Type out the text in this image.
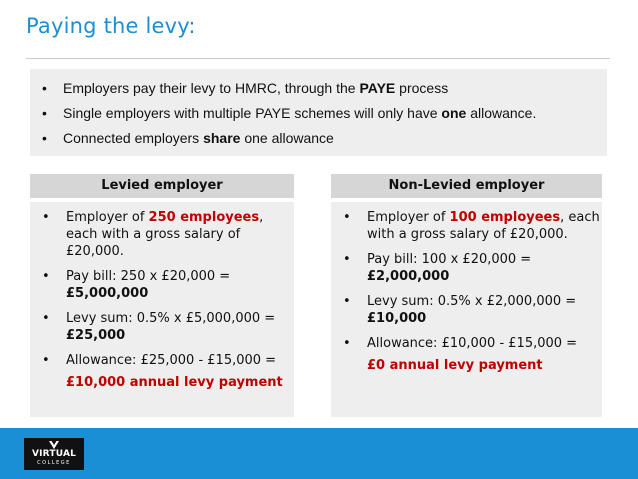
Paying the levy:
• Employers pay their levy to HMRC, through the PAYE process
• Single employers with multiple PAYE schemes will only have one allowance.
• Connected employers share one allowance
Levied employer
• Employer of 250 employees, each with a gross salary of £20,000.
• Pay bill: 250 x £20,000 =
£5,000,000
• Levy sum: 0.5% x £5,000,000 =
£25,000
• Allowance: £25,000 - £15,000 =
£10,000 annual levy payment
Non-Levied employer
• Employer of 100 employees, each with a gross salary of £20,000.
• Pay bill: 100 x £20,000 =
£2,000,000
• Levy sum: 0.5% x £2,000,000 =
£10,000
• Allowance: £10,000 - £15,000 =
£0 annual levy payment
VIRTUAL
COLLEGE
